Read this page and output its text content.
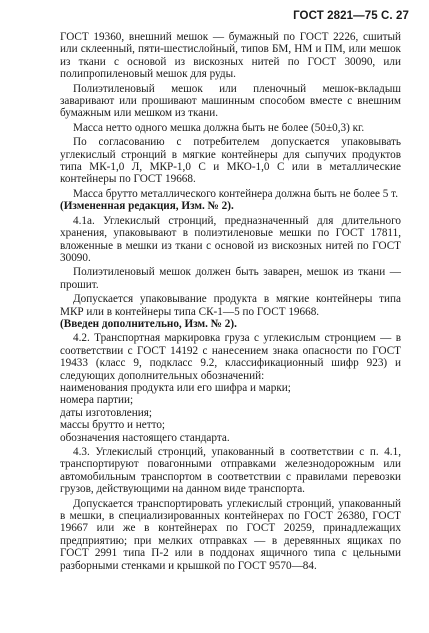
ГОСТ 2821—75 С. 27

ГОСТ 19360, внешний мешок — бумажный по ГОСТ 2226, сшитый или склеенный, пяти-шестислойный, типов БМ, НМ и ПМ, или мешок из ткани с основой из вискозных нитей по ГОСТ 30090, или полипропиленовый мешок для руды.

Полиэтиленовый мешок или пленочный мешок-вкладыш заваривают или прошивают машинным способом вместе с внешним бумажным или мешком из ткани.

Масса нетто одного мешка должна быть не более (50±0,3) кг.

По согласованию с потребителем допускается упаковывать углекислый стронций в мягкие контейнеры для сыпучих продуктов типа МК-1,0 Л, МКР-1,0 С и МКО-1,0 С или в металлические контейнеры по ГОСТ 19668.

Масса брутто металлического контейнера должна быть не более 5 т.

(Измененная редакция, Изм. № 2).

4.1а. Углекислый стронций, предназначенный для длительного хранения, упаковывают в полиэтиленовые мешки по ГОСТ 17811, вложенные в мешки из ткани с основой из вискозных нитей по ГОСТ 30090.

Полиэтиленовый мешок должен быть заварен, мешок из ткани — прошит.

Допускается упаковывание продукта в мягкие контейнеры типа МКР или в контейнеры типа СК-1—5 по ГОСТ 19668.

(Введен дополнительно, Изм. № 2).

4.2. Транспортная маркировка груза с углекислым стронцием — в соответствии с ГОСТ 14192 с нанесением знака опасности по ГОСТ 19433 (класс 9, подкласс 9.2, классификационный шифр 923) и следующих дополнительных обозначений:

наименования продукта или его шифра и марки;

номера партии;

даты изготовления;

массы брутто и нетто;

обозначения настоящего стандарта.

4.3. Углекислый стронций, упакованный в соответствии с п. 4.1, транспортируют повагонными отправками железнодорожным или автомобильным транспортом в соответствии с правилами перевозки грузов, действующими на данном виде транспорта.

Допускается транспортировать углекислый стронций, упакованный в мешки, в специализированных контейнерах по ГОСТ 26380, ГОСТ 19667 или же в контейнерах по ГОСТ 20259, принадлежащих предприятию; при мелких отправках — в деревянных ящиках по ГОСТ 2991 типа П-2 или в поддонах ящичного типа с цельными разборными стенками и крышкой по ГОСТ 9570—84.
